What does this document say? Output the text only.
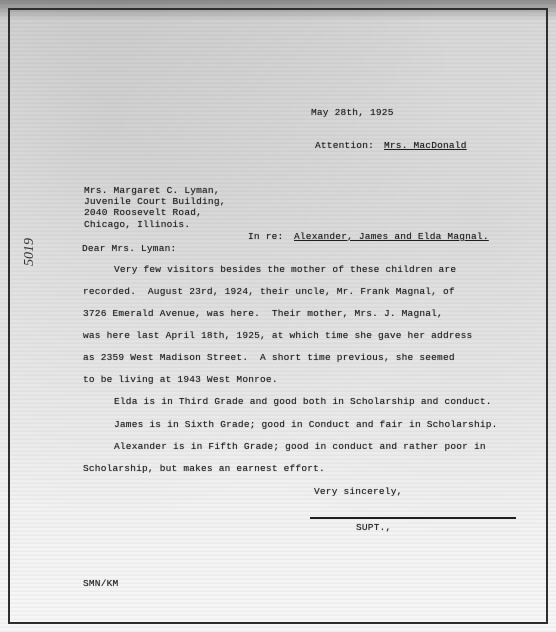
May 28th, 1925

Attention: Mrs. MacDonald

Mrs. Margaret C. Lyman,

Juvenile Court Building,

2040 Roosevelt Road,

Chicago, Illinois.

In re: Alexander, James and Elda Magnal.

Dear Mrs. Lyman:

Very few visitors besides the mother of these children are

recorded.  August 23rd, 1924, their uncle, Mr. Frank Magnal, of

3726 Emerald Avenue, was here.  Their mother, Mrs. J. Magnal,

was here last April 18th, 1925, at which time she gave her address

as 2359 West Madison Street.  A short time previous, she seemed

to be living at 1943 West Monroe.

Elda is in Third Grade and good both in Scholarship and conduct.

James is in Sixth Grade; good in Conduct and fair in Scholarship.

Alexander is in Fifth Grade; good in conduct and rather poor in

Scholarship, but makes an earnest effort.

Very sincerely,

SUPT.,

SMN/KM

5019
